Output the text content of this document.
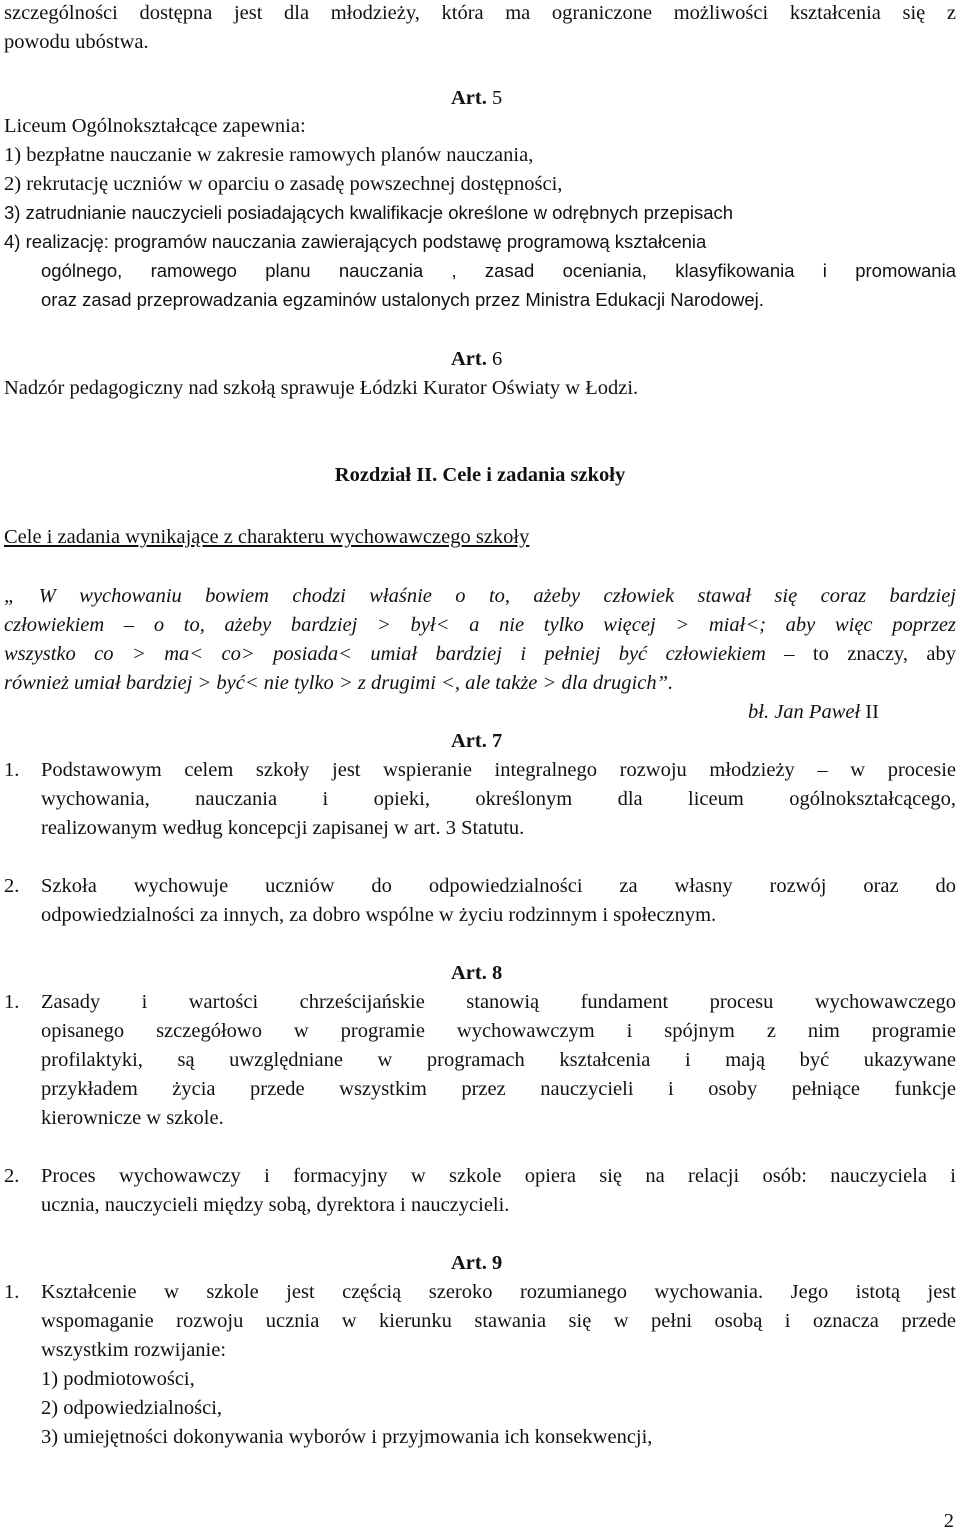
szczególności dostępna jest dla młodzieży, która ma ograniczone możliwości kształcenia się z
powodu ubóstwa.
Art. 5
Liceum Ogólnokształcące zapewnia:
1) bezpłatne nauczanie w zakresie ramowych planów nauczania,
2) rekrutację uczniów w oparciu o zasadę powszechnej dostępności,
3) zatrudnianie nauczycieli posiadających kwalifikacje określone w odrębnych przepisach
4) realizację: programów nauczania zawierających podstawę programową kształcenia
ogólnego, ramowego planu nauczania , zasad oceniania, klasyfikowania i promowania
oraz zasad przeprowadzania egzaminów ustalonych przez Ministra Edukacji Narodowej.
Art. 6
Nadzór pedagogiczny nad szkołą sprawuje Łódzki Kurator Oświaty w Łodzi.
Rozdział II. Cele i zadania szkoły
Cele i zadania wynikające z charakteru wychowawczego szkoły
„ W wychowaniu bowiem chodzi właśnie o to, ażeby człowiek stawał się coraz bardziej
człowiekiem – o to, ażeby bardziej > był< a nie tylko więcej > miał<; aby więc poprzez
wszystko co > ma< co> posiada< umiał bardziej i pełniej być człowiekiem – to znaczy, aby
również umiał bardziej > być< nie tylko > z drugimi <, ale także > dla drugich”.
bł. Jan Paweł II
Art. 7
1. Podstawowym celem szkoły jest wspieranie integralnego rozwoju młodzieży – w procesie
wychowania, nauczania i opieki, określonym dla liceum ogólnokształcącego,
realizowanym według koncepcji zapisanej w art. 3 Statutu.
2. Szkoła wychowuje uczniów do odpowiedzialności za własny rozwój oraz do
odpowiedzialności za innych, za dobro wspólne w życiu rodzinnym i społecznym.
Art. 8
1. Zasady i wartości chrześcijańskie stanowią fundament procesu wychowawczego
opisanego szczegółowo w programie wychowawczym i spójnym z nim programie
profilaktyki, są uwzględniane w programach kształcenia i mają być ukazywane
przykładem życia przede wszystkim przez nauczycieli i osoby pełniące funkcje
kierownicze w szkole.
2. Proces wychowawczy i formacyjny w szkole opiera się na relacji osób: nauczyciela i
ucznia, nauczycieli między sobą, dyrektora i nauczycieli.
Art. 9
1. Kształcenie w szkole jest częścią szeroko rozumianego wychowania. Jego istotą jest
wspomaganie rozwoju ucznia w kierunku stawania się w pełni osobą i oznacza przede
wszystkim rozwijanie:
1) podmiotowości,
2) odpowiedzialności,
3) umiejętności dokonywania wyborów i przyjmowania ich konsekwencji,
2
